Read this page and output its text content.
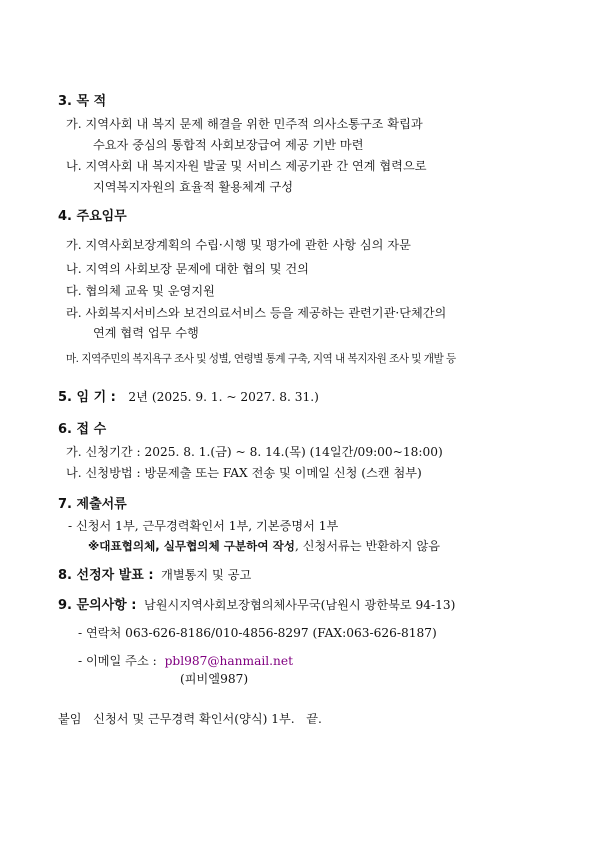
3. 목 적
가. 지역사회 내 복지 문제 해결을 위한 민주적 의사소통구조 확립과
수요자 중심의 통합적 사회보장급여 제공 기반 마련
나. 지역사회 내 복지자원 발굴 및 서비스 제공기관 간 연계 협력으로
지역복지자원의 효율적 활용체계 구성
4. 주요임무
가. 지역사회보장계획의 수립·시행 및 평가에 관한 사항 심의 자문
나. 지역의 사회보장 문제에 대한 협의 및 건의
다. 협의체 교육 및 운영지원
라. 사회복지서비스와 보건의료서비스 등을 제공하는 관련기관·단체간의
연계 협력 업무 수행
마. 지역주민의 복지욕구 조사 및 성별, 연령별 통계 구축, 지역 내 복지자원 조사 및 개발 등
5. 임 기 : 2년 (2025. 9. 1. ~ 2027. 8. 31.)
6. 접 수
가. 신청기간 : 2025. 8. 1.(금) ~ 8. 14.(목) (14일간/09:00~18:00)
나. 신청방법 : 방문제출 또는 FAX 전송 및 이메일 신청 (스캔 첨부)
7. 제출서류
- 신청서 1부, 근무경력확인서 1부, 기본증명서 1부
※대표협의체, 실무협의체 구분하여 작성, 신청서류는 반환하지 않음
8. 선정자 발표 : 개별통지 및 공고
9. 문의사항 : 남원시지역사회보장협의체사무국(남원시 광한북로 94-13)
- 연락처 063-626-8186/010-4856-8297 (FAX:063-626-8187)
- 이메일 주소 : pbl987@hanmail.net
(피비엘987)
붙임   신청서 및 근무경력 확인서(양식) 1부.   끝.
